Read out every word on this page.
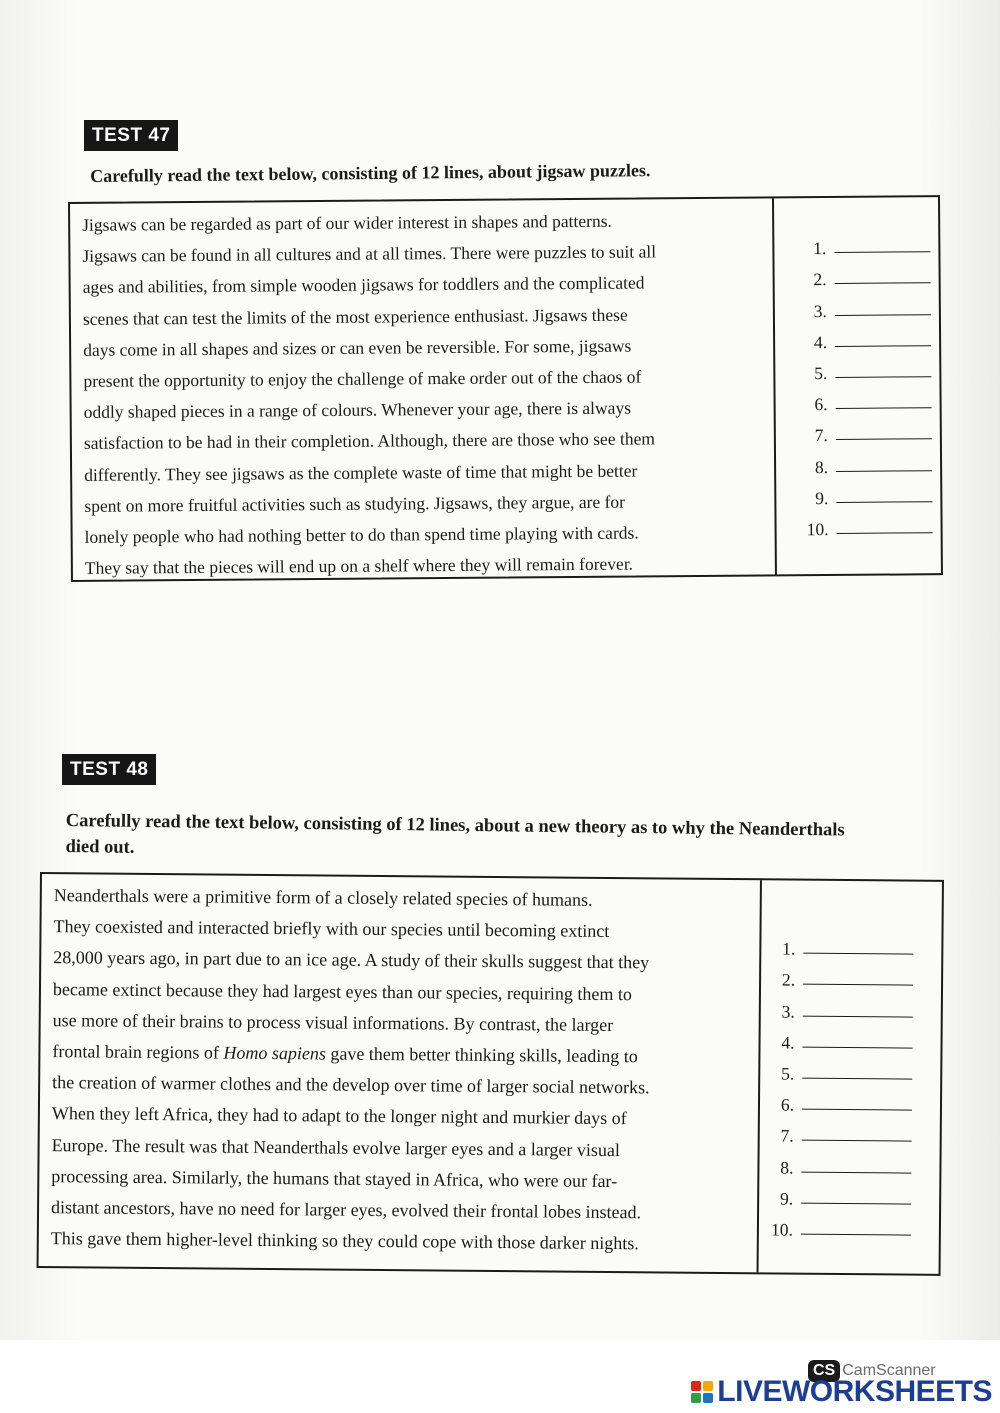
TEST 47
Carefully read the text below, consisting of 12 lines, about jigsaw puzzles.
Jigsaws can be regarded as part of our wider interest in shapes and patterns.
Jigsaws can be found in all cultures and at all times. There were puzzles to suit all
ages and abilities, from simple wooden jigsaws for toddlers and the complicated
scenes that can test the limits of the most experience enthusiast. Jigsaws these
days come in all shapes and sizes or can even be reversible. For some, jigsaws
present the opportunity to enjoy the challenge of make order out of the chaos of
oddly shaped pieces in a range of colours. Whenever your age, there is always
satisfaction to be had in their completion. Although, there are those who see them
differently. They see jigsaws as the complete waste of time that might be better
spent on more fruitful activities such as studying. Jigsaws, they argue, are for
lonely people who had nothing better to do than spend time playing with cards.
They say that the pieces will end up on a shelf where they will remain forever.
1.
2.
3.
4.
5.
6.
7.
8.
9.
10.
TEST 48
Carefully read the text below, consisting of 12 lines, about a new theory as to why the Neanderthals
died out.
Neanderthals were a primitive form of a closely related species of humans.
They coexisted and interacted briefly with our species until becoming extinct
28,000 years ago, in part due to an ice age. A study of their skulls suggest that they
became extinct because they had largest eyes than our species, requiring them to
use more of their brains to process visual informations. By contrast, the larger
frontal brain regions of Homo sapiens gave them better thinking skills, leading to
the creation of warmer clothes and the develop over time of larger social networks.
When they left Africa, they had to adapt to the longer night and murkier days of
Europe. The result was that Neanderthals evolve larger eyes and a larger visual
processing area. Similarly, the humans that stayed in Africa, who were our far-
distant ancestors, have no need for larger eyes, evolved their frontal lobes instead.
This gave them higher-level thinking so they could cope with those darker nights.
1.
2.
3.
4.
5.
6.
7.
8.
9.
10.
CS CamScanner
LIVEWORKSHEETS
